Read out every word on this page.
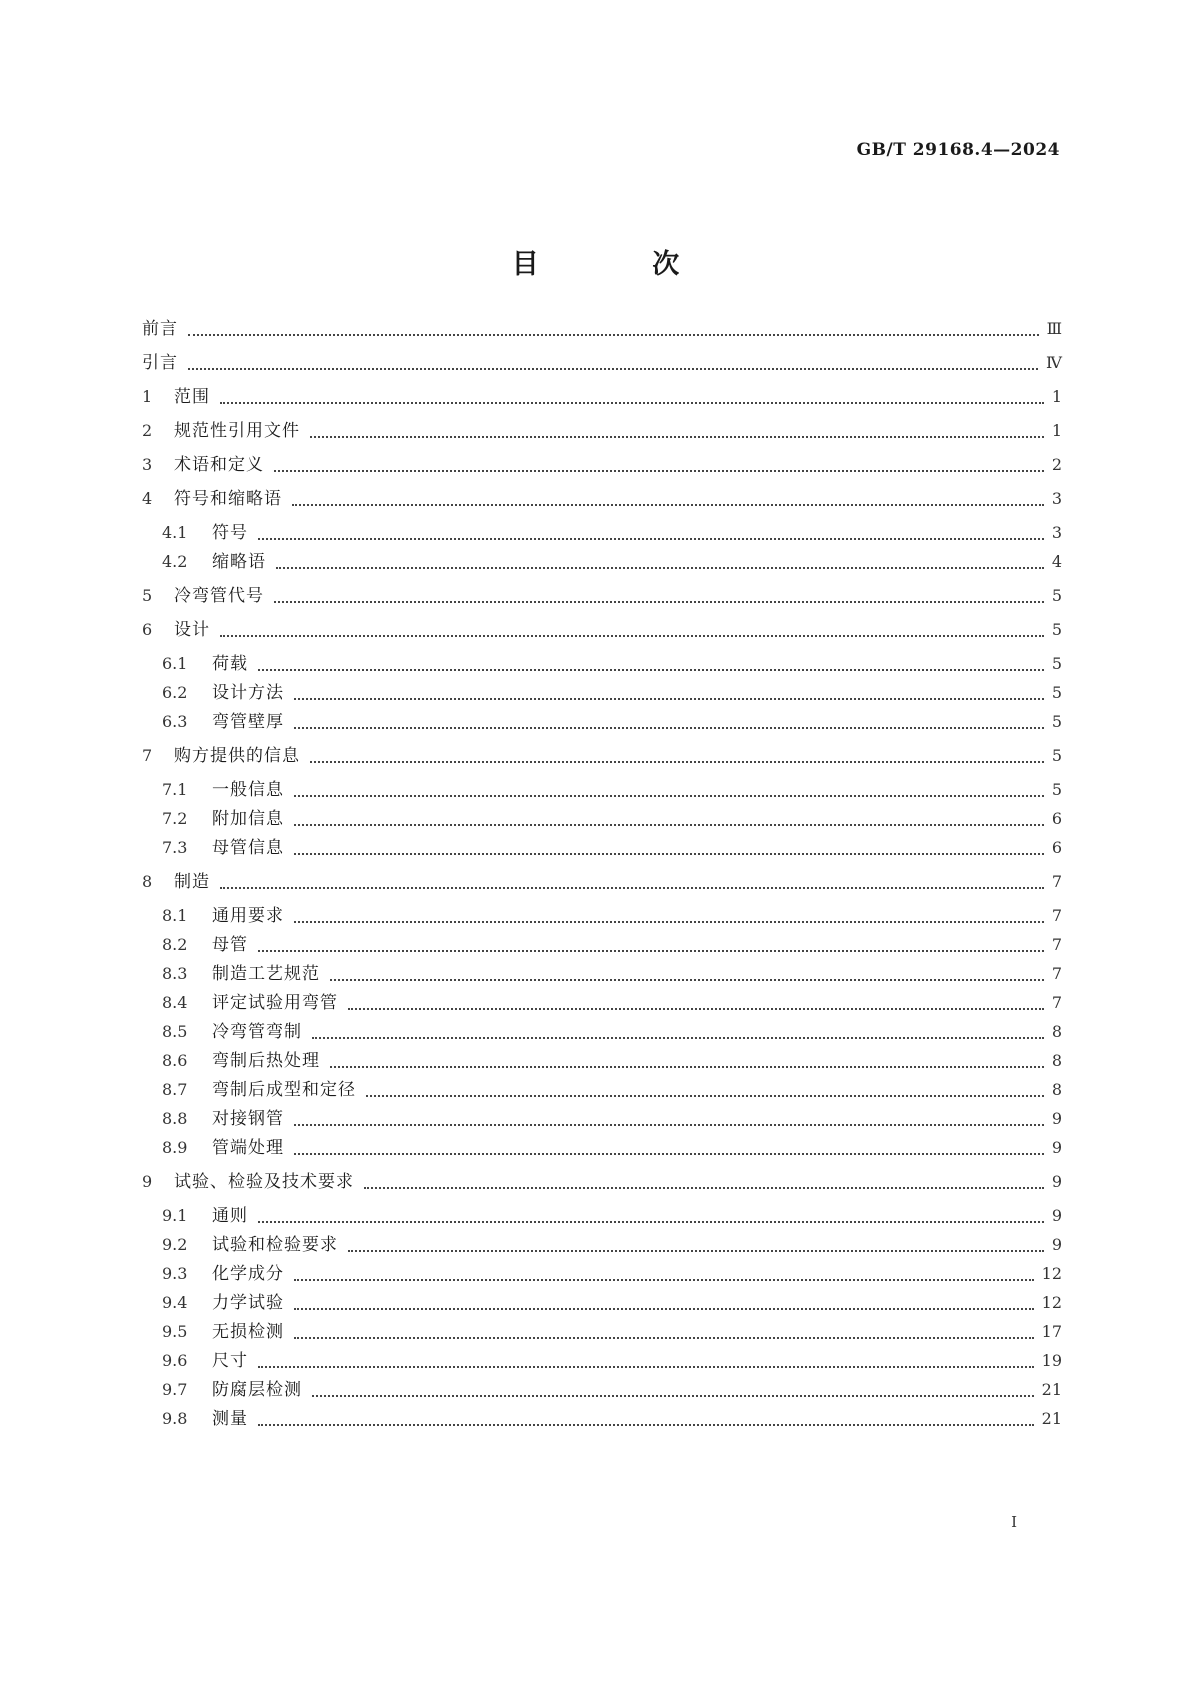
GB/T 29168.4—2024
目 次
前言	Ⅲ
引言	Ⅳ
1 范围	1
2 规范性引用文件	1
3 术语和定义	2
4 符号和缩略语	3
4.1 符号	3
4.2 缩略语	4
5 冷弯管代号	5
6 设计	5
6.1 荷载	5
6.2 设计方法	5
6.3 弯管壁厚	5
7 购方提供的信息	5
7.1 一般信息	5
7.2 附加信息	6
7.3 母管信息	6
8 制造	7
8.1 通用要求	7
8.2 母管	7
8.3 制造工艺规范	7
8.4 评定试验用弯管	7
8.5 冷弯管弯制	8
8.6 弯制后热处理	8
8.7 弯制后成型和定径	8
8.8 对接钢管	9
8.9 管端处理	9
9 试验、检验及技术要求	9
9.1 通则	9
9.2 试验和检验要求	9
9.3 化学成分	12
9.4 力学试验	12
9.5 无损检测	17
9.6 尺寸	19
9.7 防腐层检测	21
9.8 测量	21
Ⅰ
